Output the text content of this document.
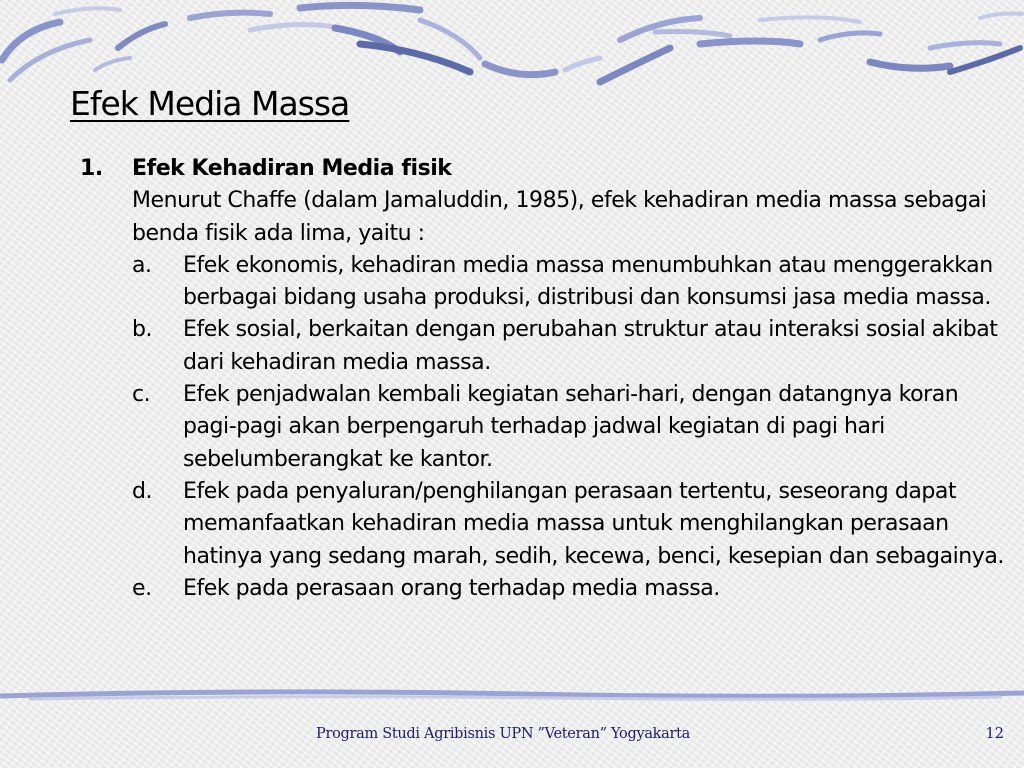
Efek Media Massa
1.	Efek Kehadiran Media fisik
Menurut Chaffe (dalam Jamaluddin, 1985), efek kehadiran media massa sebagai benda fisik ada lima, yaitu :
a.	Efek ekonomis, kehadiran media massa menumbuhkan atau menggerakkan berbagai bidang usaha produksi, distribusi dan konsumsi jasa media massa.
b.	Efek sosial, berkaitan dengan perubahan struktur atau interaksi sosial akibat dari kehadiran media massa.
c.	Efek penjadwalan kembali kegiatan sehari-hari, dengan datangnya koran pagi-pagi akan berpengaruh terhadap jadwal kegiatan di pagi hari sebelumberangkat ke kantor.
d.	Efek pada penyaluran/penghilangan perasaan tertentu, seseorang dapat memanfaatkan kehadiran media massa untuk menghilangkan perasaan hatinya yang sedang marah, sedih, kecewa, benci, kesepian dan sebagainya.
e.	Efek pada perasaan orang terhadap media massa.
Program Studi Agribisnis UPN ”Veteran” Yogyakarta	12
